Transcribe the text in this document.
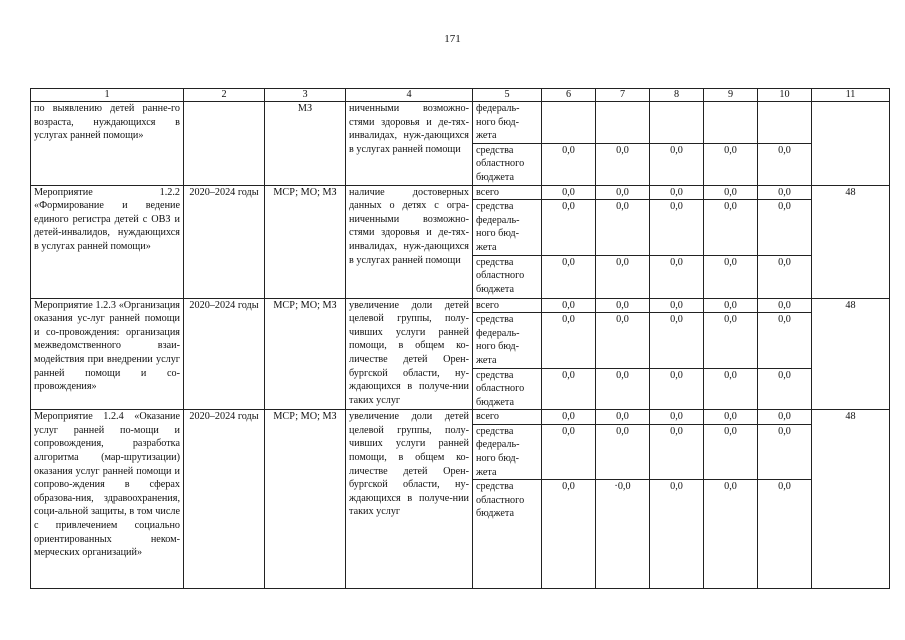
171
1	2	3	4	5	6	7	8	9	10	11
по выявлению детей ранне-го возраста, нуждающихся в услугах ранней помощи»		МЗ	ниченными возможно-стями здоровья и де-тях-инвалидах, нуж-дающихся в услугах ранней помощи	федераль-ного бюд-жета						
				средства областного бюджета	0,0	0,0	0,0	0,0	0,0	
Мероприятие 1.2.2 «Формирование и ведение единого регистра детей с ОВЗ и детей-инвалидов, нуждающихся в услугах ранней помощи»	2020–2024 годы	МСР; МО; МЗ	наличие достоверных данных о детях с огра-ниченными возможно-стями здоровья и де-тях-инвалидах, нуж-дающихся в услугах ранней помощи	всего	0,0	0,0	0,0	0,0	0,0	48
				средства федераль-ного бюд-жета	0,0	0,0	0,0	0,0	0,0	
				средства областного бюджета	0,0	0,0	0,0	0,0	0,0	
Мероприятие 1.2.3 «Организация оказания ус-луг ранней помощи и со-провождения: организация межведомственного взаи-модействия при внедрении услуг ранней помощи и со-провождения»	2020–2024 годы	МСР; МО; МЗ	увеличение доли детей целевой группы, полу-чивших услуги ранней помощи, в общем ко-личестве детей Орен-бургской области, ну-ждающихся в получе-нии таких услуг	всего	0,0	0,0	0,0	0,0	0,0	48
				средства федераль-ного бюд-жета	0,0	0,0	0,0	0,0	0,0	
				средства областного бюджета	0,0	0,0	0,0	0,0	0,0	
Мероприятие 1.2.4 «Оказание услуг ранней по-мощи и сопровождения, разработка алгоритма (мар-шрутизации) оказания услуг ранней помощи и сопрово-ждения в сферах образова-ния, здравоохранения, соци-альной защиты, в том числе с привлечением социально ориентированных неком-мерческих организаций»	2020–2024 годы	МСР; МО; МЗ	увеличение доли детей целевой группы, полу-чивших услуги ранней помощи, в общем ко-личестве детей Орен-бургской области, ну-ждающихся в получе-нии таких услуг	всего	0,0	0,0	0,0	0,0	0,0	48
				средства федераль-ного бюд-жета	0,0	0,0	0,0	0,0	0,0	
				средства областного бюджета	0,0	·0,0	0,0	0,0	0,0	
